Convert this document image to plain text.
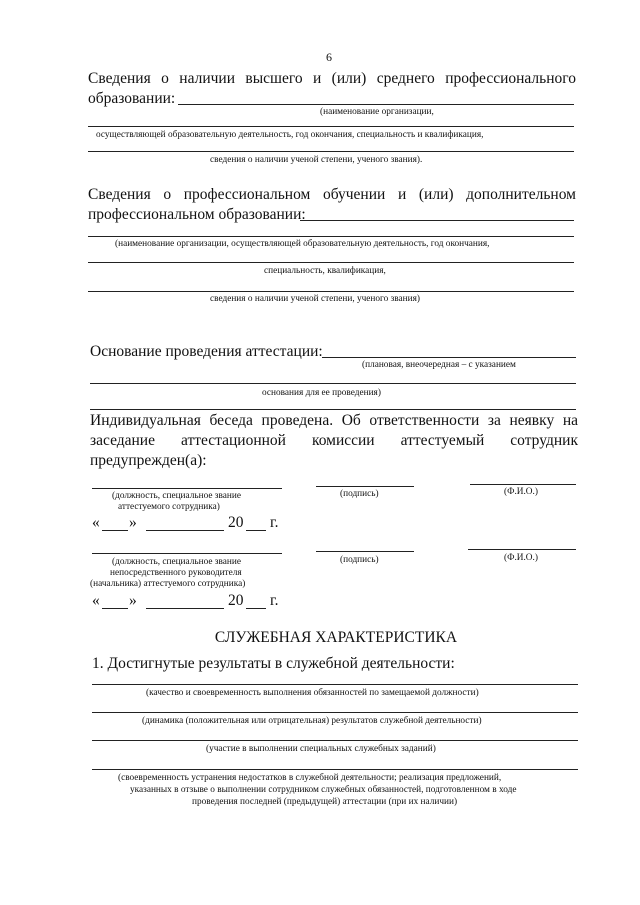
6
Сведения о наличии высшего и (или) среднего профессионального
образовании:
(наименование организации,
осуществляющей образовательную деятельность, год окончания, специальность и квалификация,
сведения о наличии ученой степени, ученого звания).
Сведения о профессиональном обучении и (или) дополнительном
профессиональном образовании:
(наименование организации, осуществляющей образовательную деятельность, год окончания,
специальность, квалификация,
сведения о наличии ученой степени, ученого звания)
Основание проведения аттестации:
(плановая, внеочередная – с указанием
основания для ее проведения)
Индивидуальная беседа проведена. Об ответственности за неявку на
заседание аттестационной комиссии аттестуемый сотрудник
предупрежден(а):
(должность, специальное звание
аттестуемого сотрудника)
(подпись)	(Ф.И.О.)
« »	20 г.
(должность, специальное звание
непосредственного руководителя
(начальника) аттестуемого сотрудника)
(подпись)	(Ф.И.О.)
« »	20 г.
СЛУЖЕБНАЯ ХАРАКТЕРИСТИКА
1. Достигнутые результаты в служебной деятельности:
(качество и своевременность выполнения обязанностей по замещаемой должности)
(динамика (положительная или отрицательная) результатов служебной деятельности)
(участие в выполнении специальных служебных заданий)
(своевременность устранения недостатков в служебной деятельности; реализация предложений,
указанных в отзыве о выполнении сотрудником служебных обязанностей, подготовленном в ходе
проведения последней (предыдущей) аттестации (при их наличии)
